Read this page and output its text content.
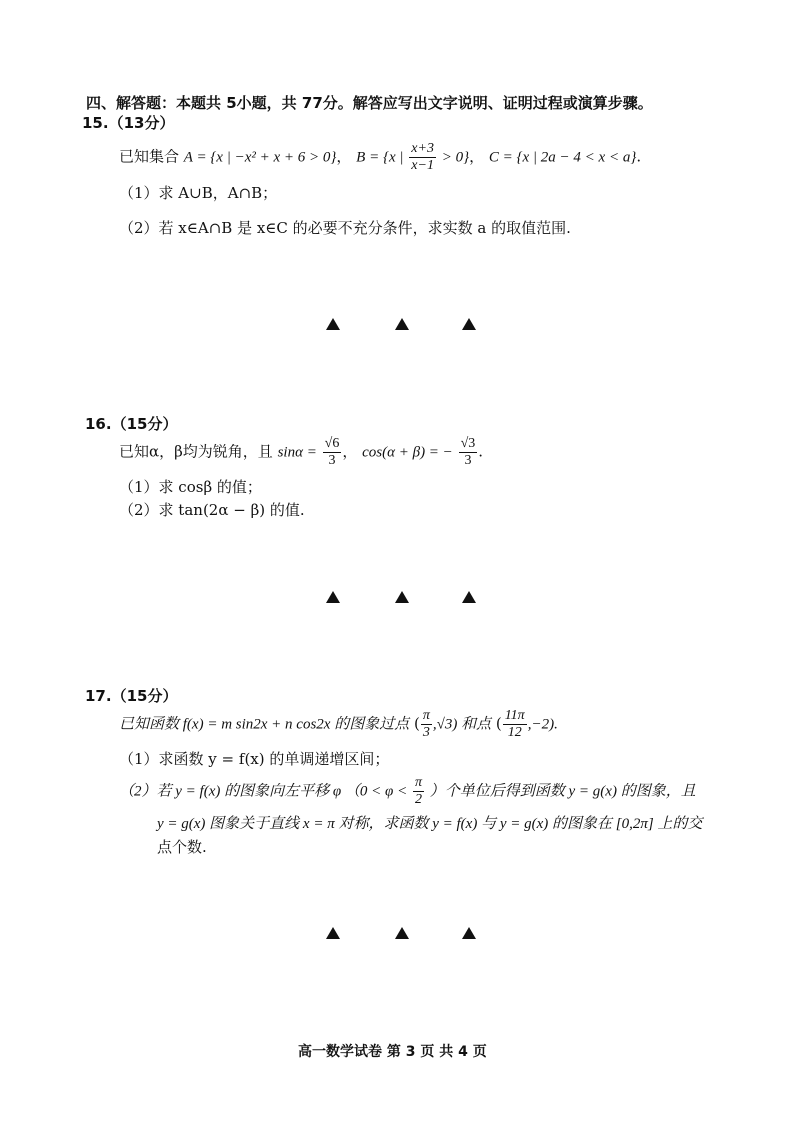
四、解答题：本题共 5小题，共 77分。解答应写出文字说明、证明过程或演算步骤。
15.（13分）
已知集合 A = {x | −x² + x + 6 > 0}， B = {x | $\frac{x+3}{x-1} > 0$}， C = {x | 2a − 4 < x < a}.
（1）求 A∪B，A∩B；
（2）若 x∈A∩B 是 x∈C 的必要不充分条件，求实数 a 的取值范围.
16.（15分）
已知α，β均为锐角，且 $\sin\alpha = \frac{√6}{3}$ ， cos(α + β) = − $\frac{√3}{3}$ .
（1）求 cosβ 的值；
（2）求 tan(2α − β) 的值.
17.（15分）
已知函数 f(x) = m sin2x + n cos2x 的图象过点 ( $\frac{\pi}{3} ,√3$) 和点 ( $\frac{11\pi}{12} ,-2$).
（1）求函数 y = f(x) 的单调递增区间；
（2）若 y = f(x) 的图象向左平移 φ （$0 < \varphi < \frac{\pi}{2}$ ）个单位后得到函数 y = g(x) 的图象，且
y = g(x) 图象关于直线 x = π 对称，求函数 y = f(x) 与 y = g(x) 的图象在 [0,2π] 上的交
点个数.
高一数学试卷 第 3 页 共 4 页
